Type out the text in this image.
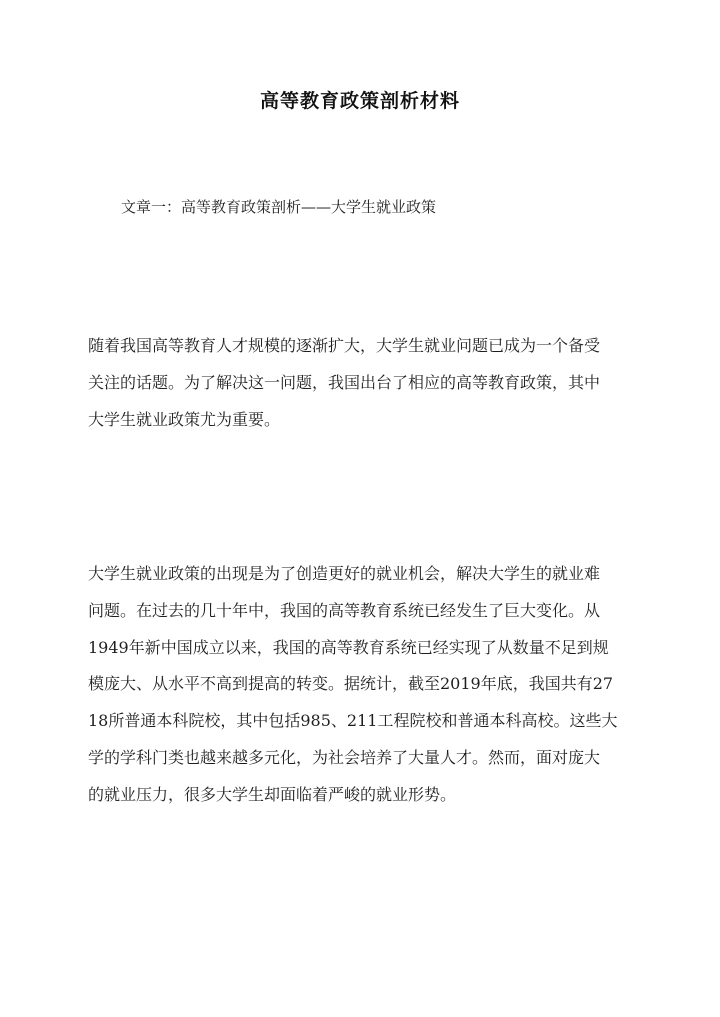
高等教育政策剖析材料
文章一：高等教育政策剖析——大学生就业政策
随着我国高等教育人才规模的逐渐扩大，大学生就业问题已成为一个备受
关注的话题。为了解决这一问题，我国出台了相应的高等教育政策，其中
大学生就业政策尤为重要。
大学生就业政策的出现是为了创造更好的就业机会，解决大学生的就业难
问题。在过去的几十年中，我国的高等教育系统已经发生了巨大变化。从
1949年新中国成立以来，我国的高等教育系统已经实现了从数量不足到规
模庞大、从水平不高到提高的转变。据统计，截至2019年底，我国共有27
18所普通本科院校，其中包括985、211工程院校和普通本科高校。这些大
学的学科门类也越来越多元化，为社会培养了大量人才。然而，面对庞大
的就业压力，很多大学生却面临着严峻的就业形势。
